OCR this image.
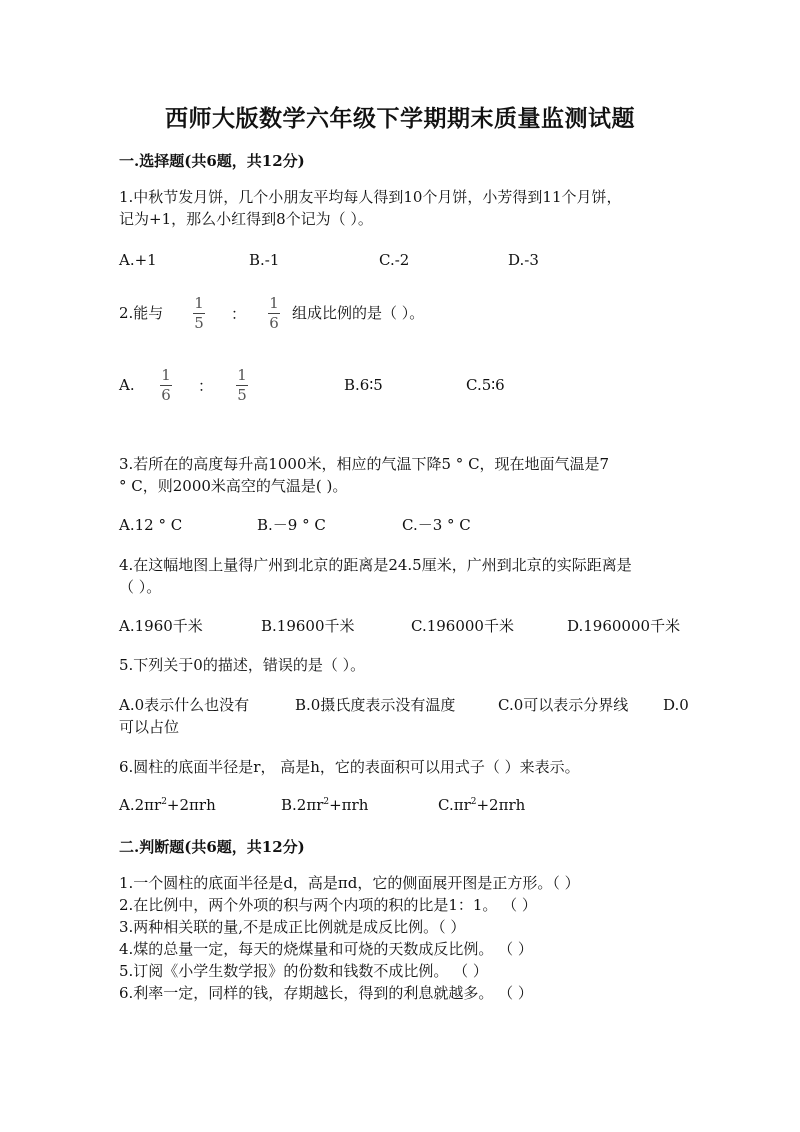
西师大版数学六年级下学期期末质量监测试题
一.选择题(共6题，共12分)
1.中秋节发月饼，几个小朋友平均每人得到10个月饼，小芳得到11个月饼，
记为+1，那么小红得到8个记为（ ）。
A.+1	B.-1	C.-2	D.-3
2.能与
1
5 ：
1
6
组成比例的是（ ）。
A.
1
6 ：
1
5
B.6∶5	C.5∶6
3.若所在的高度每升高1000米，相应的气温下降5 ° C，现在地面气温是7
° C，则2000米高空的气温是( )。
A.12 ° C	B.－9 ° C	C.－3 ° C
4.在这幅地图上量得广州到北京的距离是24.5厘米，广州到北京的实际距离是
（ ）。
A.1960千米	B.19600千米	C.196000千米	D.1960000千米
5.下列关于0的描述，错误的是（ ）。
A.0表示什么也没有	B.0摄氏度表示没有温度	C.0可以表示分界线 D.0
可以占位
6.圆柱的底面半径是r， 高是h，它的表面积可以用式子（ ）来表示。
$A.2\pi r^2+2\pi rh$	$B.2\pi r^2+\pi rh$	$C.\pi r^2+2\pi rh$
二.判断题(共6题，共12分)
1.一个圆柱的底面半径是d，高是πd，它的侧面展开图是正方形。（ ）
2.在比例中，两个外项的积与两个内项的积的比是1：1。 （ ）
3.两种相关联的量,不是成正比例就是成反比例。（ ）
4.煤的总量一定，每天的烧煤量和可烧的天数成反比例。 （ ）
5.订阅《小学生数学报》的份数和钱数不成比例。 （ ）
6.利率一定，同样的钱，存期越长，得到的利息就越多。 （ ）
